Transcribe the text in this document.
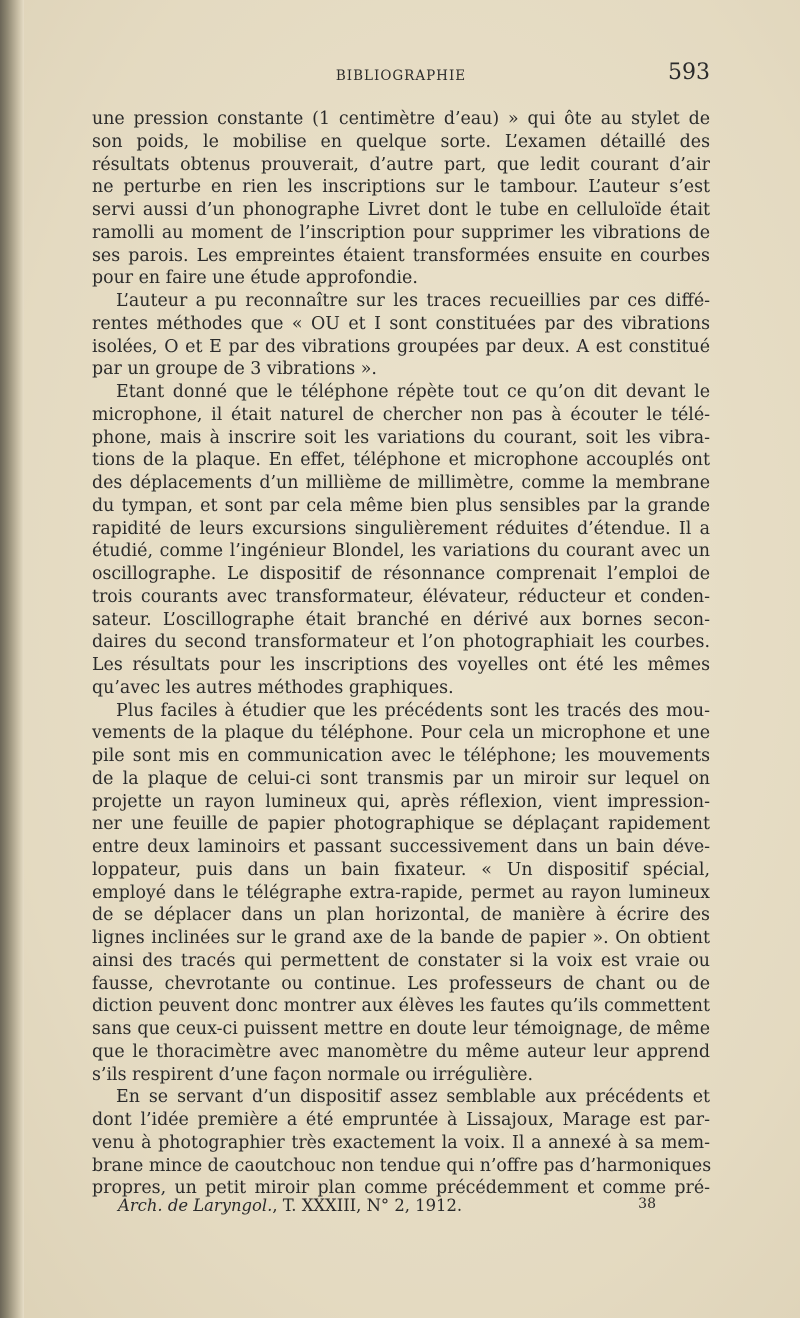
BIBLIOGRAPHIE	593
une pression constante (1 centimètre d’eau) » qui ôte au stylet de
son poids, le mobilise en quelque sorte. L’examen détaillé des
résultats obtenus prouverait, d’autre part, que ledit courant d’air
ne perturbe en rien les inscriptions sur le tambour. L’auteur s’est
servi aussi d’un phonographe Livret dont le tube en celluloïde était
ramolli au moment de l’inscription pour supprimer les vibrations de
ses parois. Les empreintes étaient transformées ensuite en courbes
pour en faire une étude approfondie.
L’auteur a pu reconnaître sur les traces recueillies par ces diffé-
rentes méthodes que « OU et I sont constituées par des vibrations
isolées, O et E par des vibrations groupées par deux. A est constitué
par un groupe de 3 vibrations ».
Etant donné que le téléphone répète tout ce qu’on dit devant le
microphone, il était naturel de chercher non pas à écouter le télé-
phone, mais à inscrire soit les variations du courant, soit les vibra-
tions de la plaque. En effet, téléphone et microphone accouplés ont
des déplacements d’un millième de millimètre, comme la membrane
du tympan, et sont par cela même bien plus sensibles par la grande
rapidité de leurs excursions singulièrement réduites d’étendue. Il a
étudié, comme l’ingénieur Blondel, les variations du courant avec un
oscillographe. Le dispositif de résonnance comprenait l’emploi de
trois courants avec transformateur, élévateur, réducteur et conden-
sateur. L’oscillographe était branché en dérivé aux bornes secon-
daires du second transformateur et l’on photographiait les courbes.
Les résultats pour les inscriptions des voyelles ont été les mêmes
qu’avec les autres méthodes graphiques.
Plus faciles à étudier que les précédents sont les tracés des mou-
vements de la plaque du téléphone. Pour cela un microphone et une
pile sont mis en communication avec le téléphone; les mouvements
de la plaque de celui-ci sont transmis par un miroir sur lequel on
projette un rayon lumineux qui, après réflexion, vient impression-
ner une feuille de papier photographique se déplaçant rapidement
entre deux laminoirs et passant successivement dans un bain déve-
loppateur, puis dans un bain fixateur. « Un dispositif spécial,
employé dans le télégraphe extra-rapide, permet au rayon lumineux
de se déplacer dans un plan horizontal, de manière à écrire des
lignes inclinées sur le grand axe de la bande de papier ». On obtient
ainsi des tracés qui permettent de constater si la voix est vraie ou
fausse, chevrotante ou continue. Les professeurs de chant ou de
diction peuvent donc montrer aux élèves les fautes qu’ils commettent
sans que ceux-ci puissent mettre en doute leur témoignage, de même
que le thoracimètre avec manomètre du même auteur leur apprend
s’ils respirent d’une façon normale ou irrégulière.
En se servant d’un dispositif assez semblable aux précédents et
dont l’idée première a été empruntée à Lissajoux, Marage est par-
venu à photographier très exactement la voix. Il a annexé à sa mem-
brane mince de caoutchouc non tendue qui n’offre pas d’harmoniques
propres, un petit miroir plan comme précédemment et comme pré-
Arch. de Laryngol., T. XXXIII, N° 2, 1912.	38
